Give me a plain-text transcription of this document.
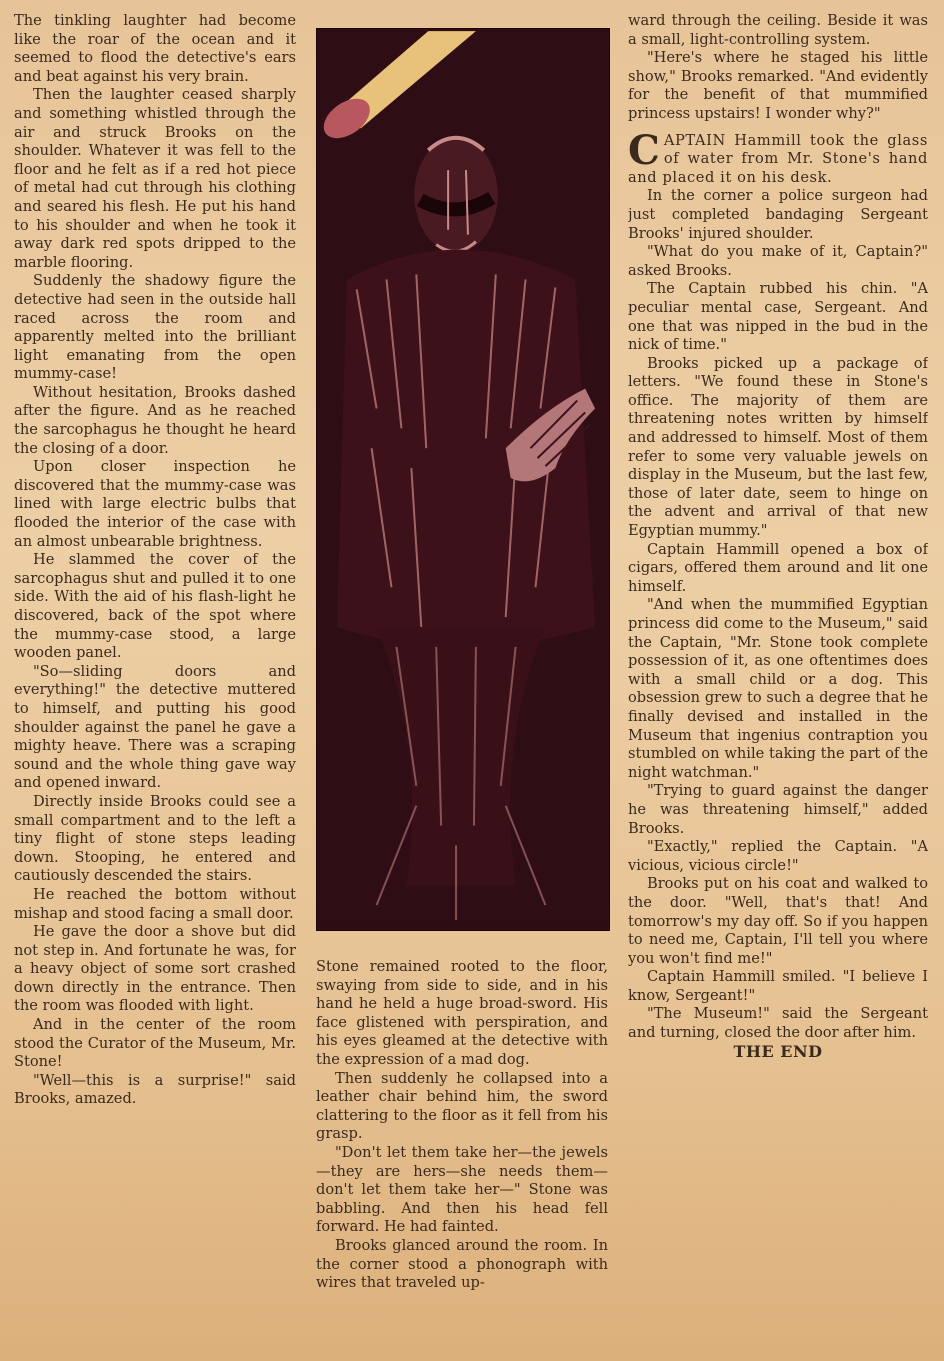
The tinkling laughter had become like the roar of the ocean and it seemed to flood the detective's ears and beat against his very brain.

Then the laughter ceased sharply and something whistled through the air and struck Brooks on the shoulder. Whatever it was fell to the floor and he felt as if a red hot piece of metal had cut through his clothing and seared his flesh. He put his hand to his shoulder and when he took it away dark red spots dripped to the marble flooring.

Suddenly the shadowy figure the detective had seen in the outside hall raced across the room and apparently melted into the brilliant light emanating from the open mummy-case!

Without hesitation, Brooks dashed after the figure. And as he reached the sarcophagus he thought he heard the closing of a door.

Upon closer inspection he discovered that the mummy-case was lined with large electric bulbs that flooded the interior of the case with an almost unbearable brightness.

He slammed the cover of the sarcophagus shut and pulled it to one side. With the aid of his flash-light he discovered, back of the spot where the mummy-case stood, a large wooden panel.

"So—sliding doors and everything!" the detective muttered to himself, and putting his good shoulder against the panel he gave a mighty heave. There was a scraping sound and the whole thing gave way and opened inward.

Directly inside Brooks could see a small compartment and to the left a tiny flight of stone steps leading down. Stooping, he entered and cautiously descended the stairs.

He reached the bottom without mishap and stood facing a small door.

He gave the door a shove but did not step in. And fortunate he was, for a heavy object of some sort crashed down directly in the entrance. Then the room was flooded with light.

And in the center of the room stood the Curator of the Museum, Mr. Stone!

"Well—this is a surprise!" said Brooks, amazed.

Stone remained rooted to the floor, swaying from side to side, and in his hand he held a huge broad-sword. His face glistened with perspiration, and his eyes gleamed at the detective with the expression of a mad dog.

Then suddenly he collapsed into a leather chair behind him, the sword clattering to the floor as it fell from his grasp.

"Don't let them take her—the jewels—they are hers—she needs them—don't let them take her—" Stone was babbling. And then his head fell forward. He had fainted.

Brooks glanced around the room. In the corner stood a phonograph with wires that traveled up-

ward through the ceiling. Beside it was a small, light-controlling system.

"Here's where he staged his little show," Brooks remarked. "And evidently for the benefit of that mummified princess upstairs! I wonder why?"

CAPTAIN Hammill took the glass of water from Mr. Stone's hand and placed it on his desk.

In the corner a police surgeon had just completed bandaging Sergeant Brooks' injured shoulder.

"What do you make of it, Captain?" asked Brooks.

The Captain rubbed his chin. "A peculiar mental case, Sergeant. And one that was nipped in the bud in the nick of time."

Brooks picked up a package of letters. "We found these in Stone's office. The majority of them are threatening notes written by himself and addressed to himself. Most of them refer to some very valuable jewels on display in the Museum, but the last few, those of later date, seem to hinge on the advent and arrival of that new Egyptian mummy."

Captain Hammill opened a box of cigars, offered them around and lit one himself.

"And when the mummified Egyptian princess did come to the Museum," said the Captain, "Mr. Stone took complete possession of it, as one oftentimes does with a small child or a dog. This obsession grew to such a degree that he finally devised and installed in the Museum that ingenius contraption you stumbled on while taking the part of the night watchman."

"Trying to guard against the danger he was threatening himself," added Brooks.

"Exactly," replied the Captain. "A vicious, vicious circle!"

Brooks put on his coat and walked to the door. "Well, that's that! And tomorrow's my day off. So if you happen to need me, Captain, I'll tell you where you won't find me!"

Captain Hammill smiled. "I believe I know, Sergeant!"

"The Museum!" said the Sergeant and turning, closed the door after him.

THE END
